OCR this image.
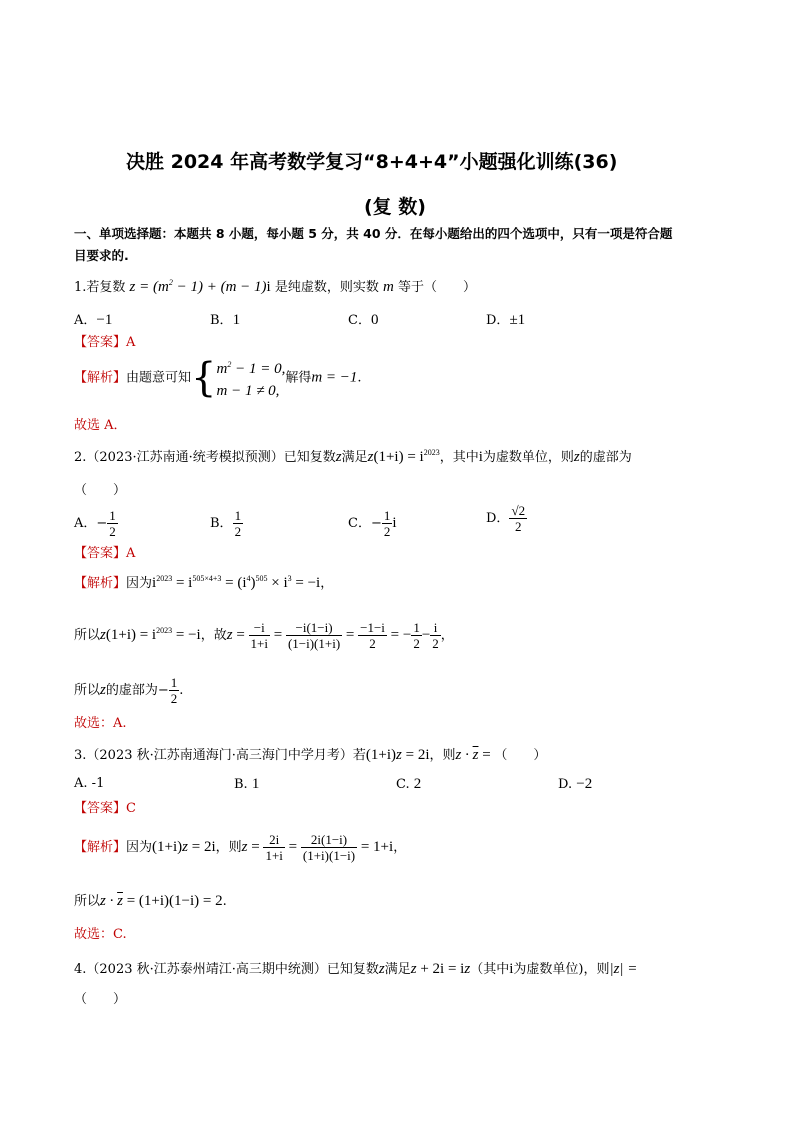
决胜 2024 年高考数学复习“8+4+4”小题强化训练(36)
(复 数)
一、单项选择题：本题共 8 小题，每小题 5 分，共 40 分．在每小题给出的四个选项中，只有一项是符合题
目要求的.
1.若复数 $z = (m^2 - 1) + (m - 1)i$ 是纯虚数，则实数 m 等于（　　）
A．−1	B．1	C．0	D．±1
【答案】A
【解析】由题意可知{$m^2 - 1 = 0$,
m − 1 ≠ 0,解得m = −1.
故选 A．
2.（2023·江苏南通·统考模拟预测）已知复数z满足$z(1+i) = i^{2023}$，其中i为虚数单位，则z的虚部为
（　　）
A．− $\frac{1}{2}$	B． $\frac{1}{2}$	C．− $\frac{1}{2}$ i	D． $\frac{√2}{2}$
【答案】A
【解析】因为$i^{2023} = i^{505\times 4+3} = (i^4)^{505} \times i^3 = -i$，
所以$z(1+i) = i^{2023} = -i$，故$z = \frac{-i}{1+i} = \frac{-i(1-i)}{(1-i)(1+i)} = \frac{-1-i}{2}$ = − $\frac{1}{2} - \frac{i}{2}$ ，
所以z的虚部为− $\frac{1}{2}$ .
故选：A.
3.（2023 秋·江苏南通海门·高三海门中学月考）若(1+i)z = 2i，则$z \cdot \overline{z}$ = （　　）
A. -1	B. 1	C. 2	D. −2
【答案】C
【解析】因为(1+i)z = 2i，则$z = \frac{2i}{1+i} = \frac{2i(1-i)}{(1+i)(1-i)} = 1+i$，
所以$z \cdot \overline{z} = (1+i)(1-i) = 2$.
故选：C.
4.（2023 秋·江苏泰州靖江·高三期中统测）已知复数z满足z + 2i = iz（其中i为虚数单位)，则|z| =
（　　）
